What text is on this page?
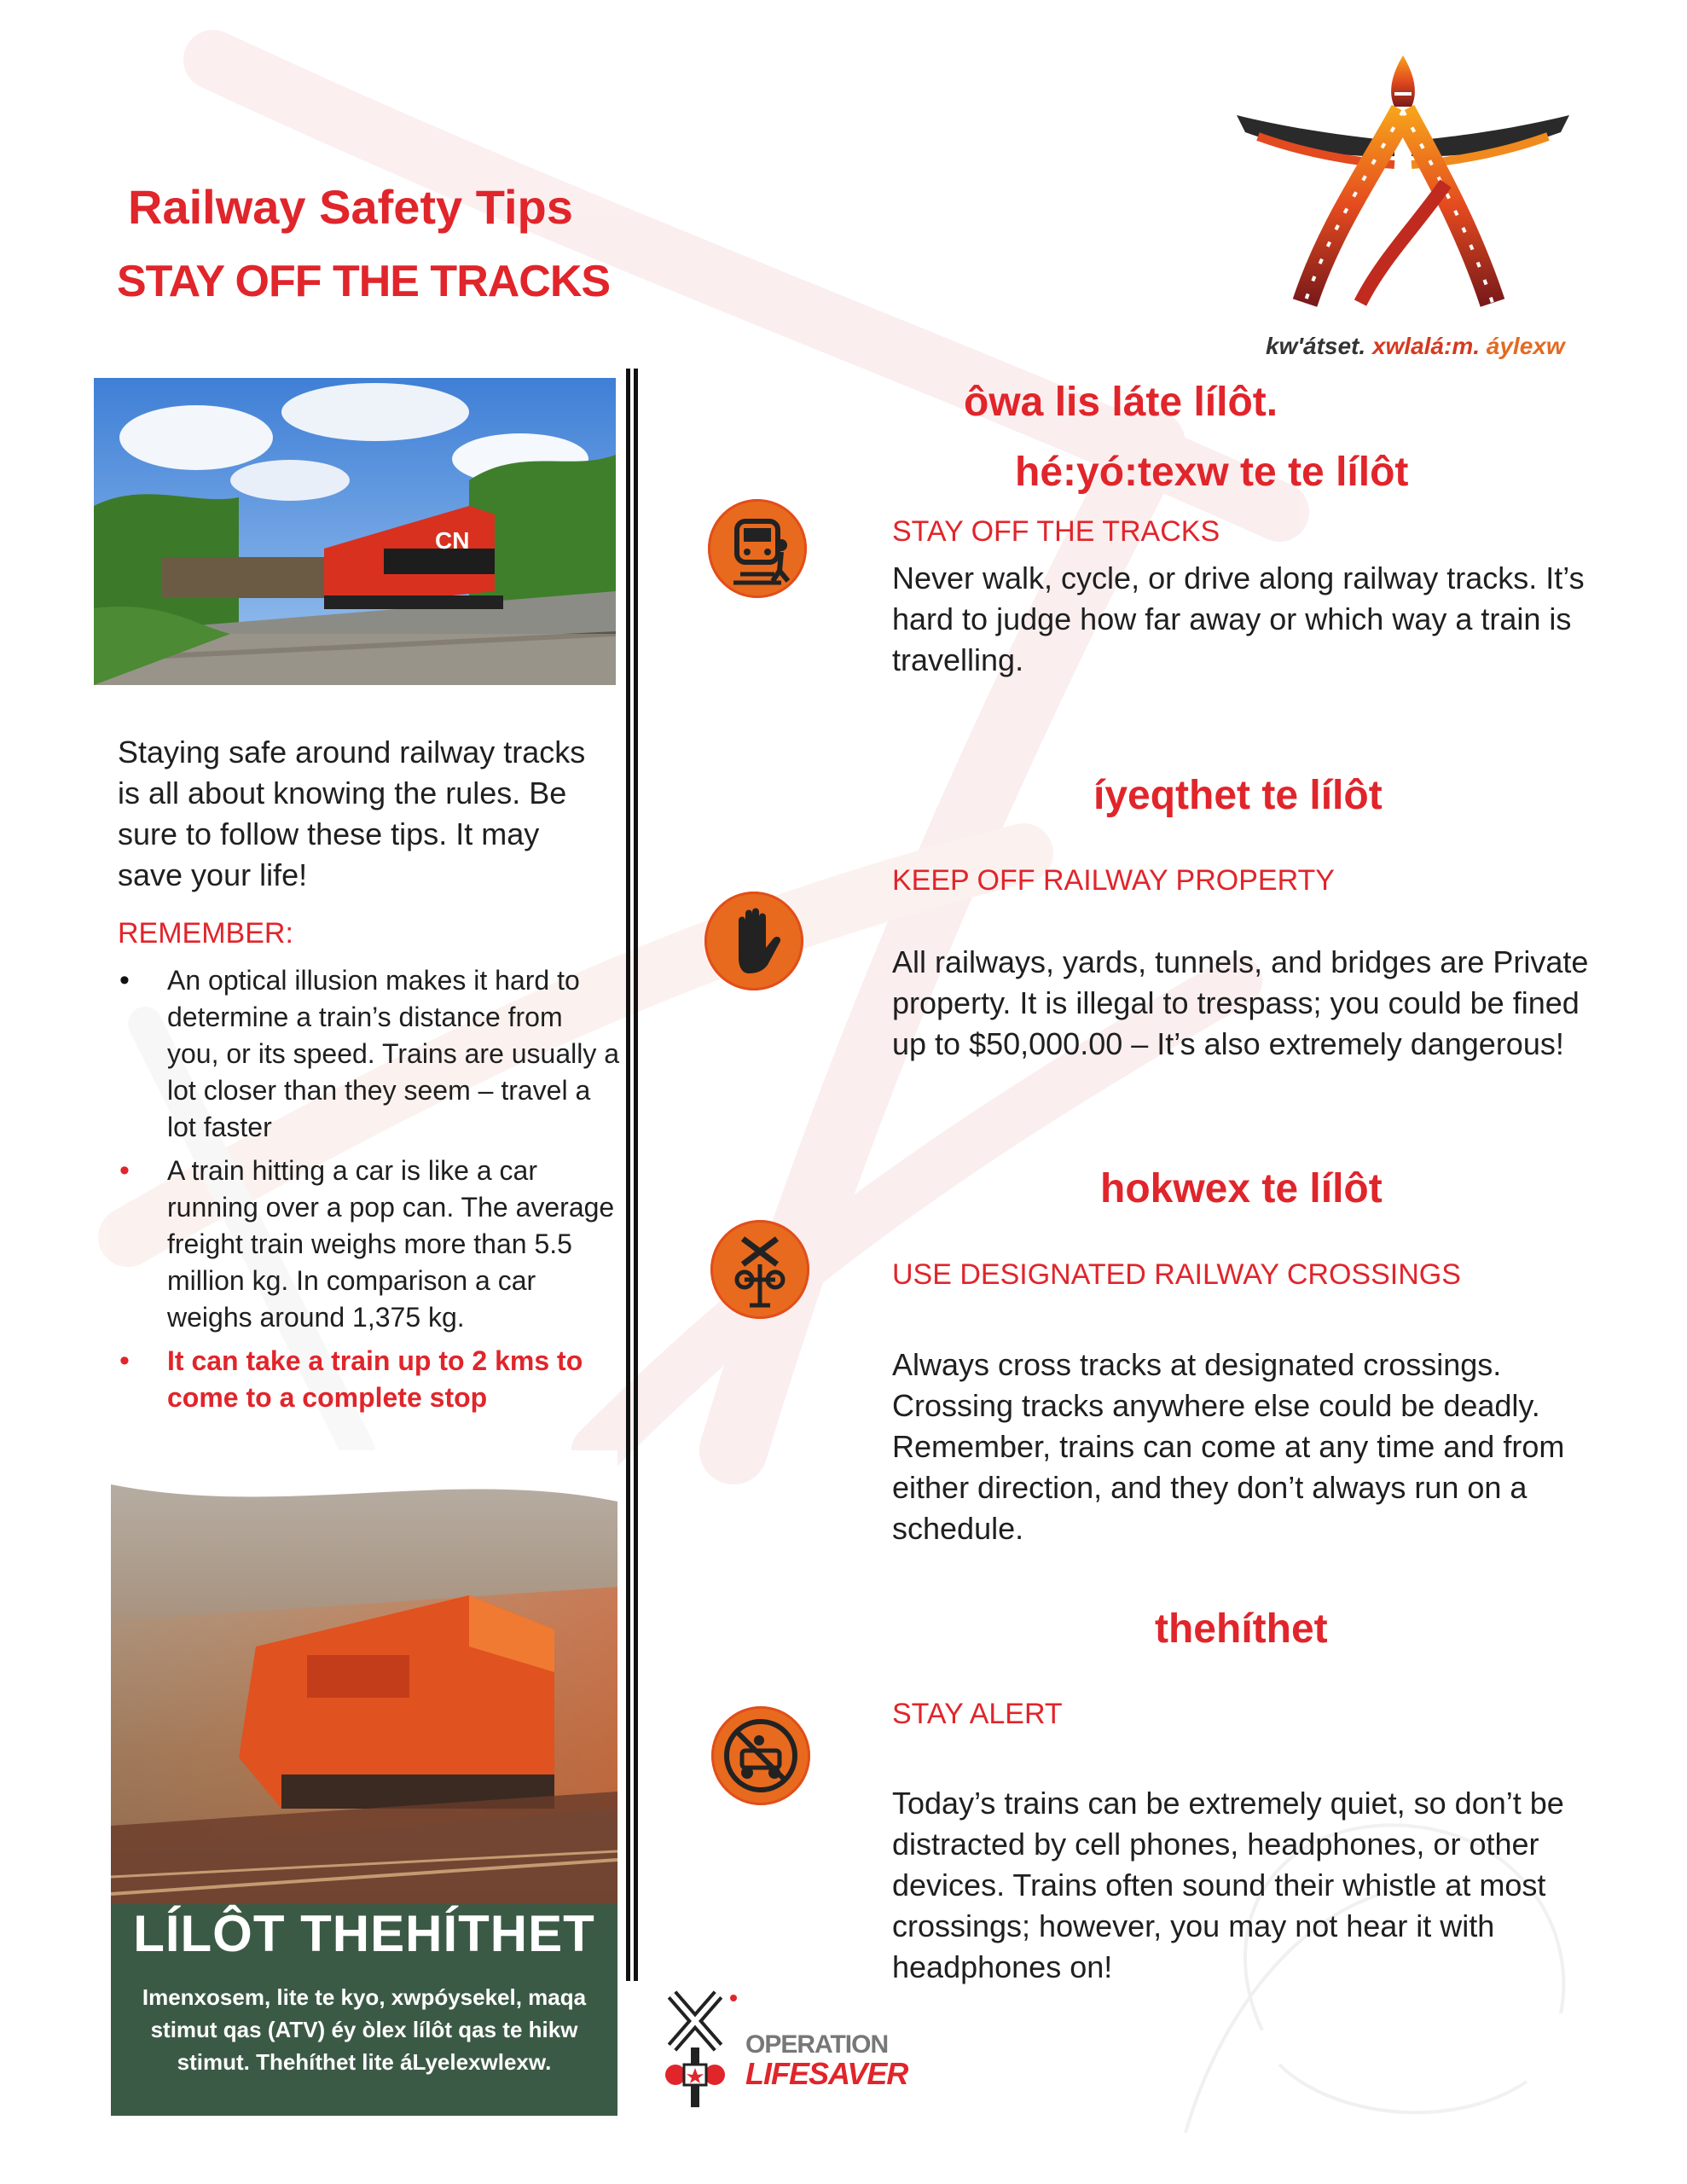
Railway Safety Tips
STAY OFF THE TRACKS
kw'átset. xwlalá:m. áylexw
CN
Staying safe around railway tracks is all about knowing the rules. Be sure to follow these tips. It may save your life!
REMEMBER:
• An optical illusion makes it hard to determine a train’s distance from you, or its speed. Trains are usually a lot closer than they seem – travel a lot faster
• A train hitting a car is like a car running over a pop can. The average freight train weighs more than 5.5 million kg. In comparison a car weighs around 1,375 kg.
• It can take a train up to 2 kms to come to a complete stop
LÍLÔT THEHÍTHET
Imenxosem, lite te kyo, xwpóysekel, maqa stimut qas (ATV) éy òlex lílôt qas te hikw stimut. Thehíthet lite áLyelexwlexw.
ôwa lis láte lílôt.
hé:yó:texw te te lílôt
STAY OFF THE TRACKS
Never walk, cycle, or drive along railway tracks. It’s hard to judge how far away or which way a train is travelling.
íyeqthet te lílôt
KEEP OFF RAILWAY PROPERTY
All railways, yards, tunnels, and bridges are Private property. It is illegal to trespass; you could be fined up to $50,000.00 – It’s also extremely dangerous!
hokwex te lílôt
USE DESIGNATED RAILWAY CROSSINGS
Always cross tracks at designated crossings. Crossing tracks anywhere else could be deadly. Remember, trains can come at any time and from either direction, and they don’t always run on a schedule.
thehíthet
STAY ALERT
Today’s trains can be extremely quiet, so don’t be distracted by cell phones, headphones, or other devices. Trains often sound their whistle at most crossings; however, you may not hear it with headphones on!
OPERATION
LIFESAVER
